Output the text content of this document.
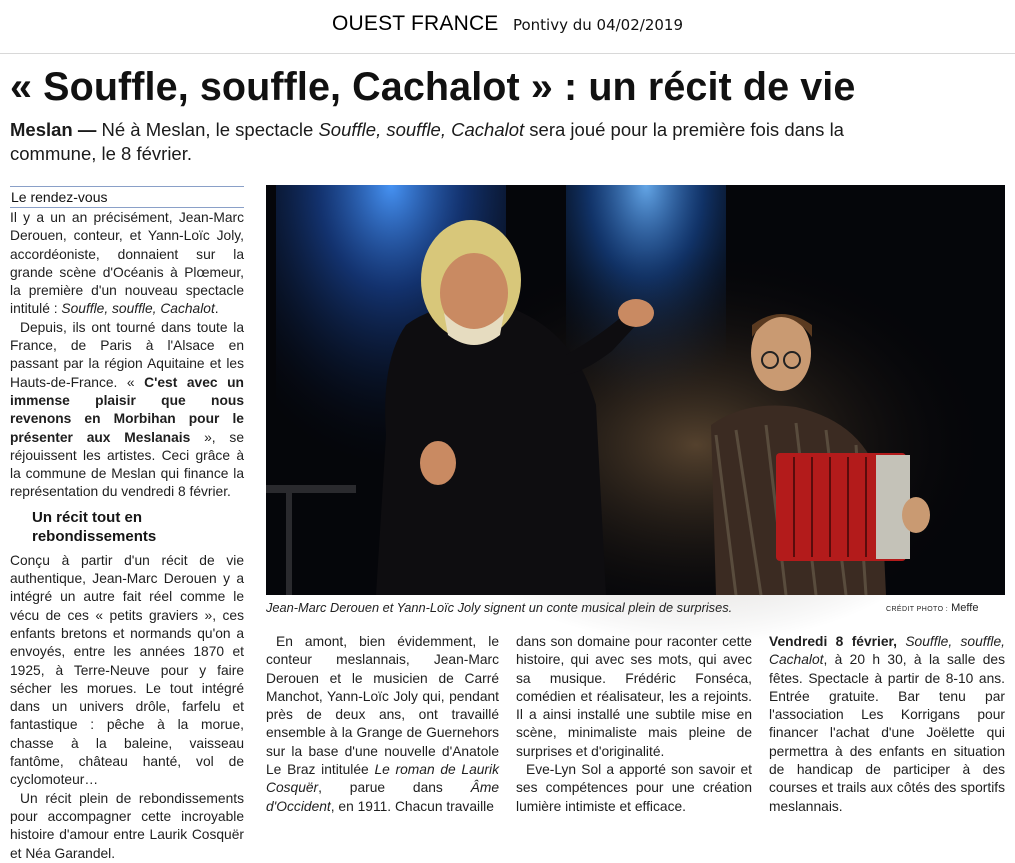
OUEST FRANCE Pontivy du 04/02/2019
« Souffle, souffle, Cachalot » : un récit de vie

Meslan — Né à Meslan, le spectacle Souffle, souffle, Cachalot sera joué pour la première fois dans la commune, le 8 février.

Le rendez-vous

Il y a un an précisément, Jean-Marc Derouen, conteur, et Yann-Loïc Joly, accordéoniste, donnaient sur la grande scène d'Océanis à Plœmeur, la première d'un nouveau spectacle intitulé : Souffle, souffle, Cachalot.

Depuis, ils ont tourné dans toute la France, de Paris à l'Alsace en passant par la région Aquitaine et les Hauts-de-France. « C'est avec un immense plaisir que nous revenons en Morbihan pour le présenter aux Meslanais », se réjouissent les artistes. Ceci grâce à la commune de Meslan qui finance la représentation du vendredi 8 février.

Un récit tout en rebondissements

Conçu à partir d'un récit de vie authentique, Jean-Marc Derouen y a intégré un autre fait réel comme le vécu de ces « petits graviers », ces enfants bretons et normands qu'on a envoyés, entre les années 1870 et 1925, à Terre-Neuve pour y faire sécher les morues. Le tout intégré dans un univers drôle, farfelu et fantastique : pêche à la morue, chasse à la baleine, vaisseau fantôme, château hanté, vol de cyclomoteur…

Un récit plein de rebondissements pour accompagner cette incroyable histoire d'amour entre Laurik Cosquër et Néa Garandel.

Jean-Marc Derouen et Yann-Loïc Joly signent un conte musical plein de surprises.	CRÉDIT PHOTO : Meffe

En amont, bien évidemment, le conteur meslannais, Jean-Marc Derouen et le musicien de Carré Manchot, Yann-Loïc Joly qui, pendant près de deux ans, ont travaillé ensemble à la Grange de Guernehors sur la base d'une nouvelle d'Anatole Le Braz intitulée Le roman de Laurik Cosquër, parue dans Âme d'Occident, en 1911. Chacun travaille

dans son domaine pour raconter cette histoire, qui avec ses mots, qui avec sa musique. Frédéric Fonséca, comédien et réalisateur, les a rejoints. Il a ainsi installé une subtile mise en scène, minimaliste mais pleine de surprises et d'originalité.

Eve-Lyn Sol a apporté son savoir et ses compétences pour une création lumière intimiste et efficace.

Vendredi 8 février, Souffle, souffle, Cachalot, à 20 h 30, à la salle des fêtes. Spectacle à partir de 8-10 ans. Entrée gratuite. Bar tenu par l'association Les Korrigans pour financer l'achat d'une Joëlette qui permettra à des enfants en situation de handicap de participer à des courses et trails aux côtés des sportifs meslannais.
